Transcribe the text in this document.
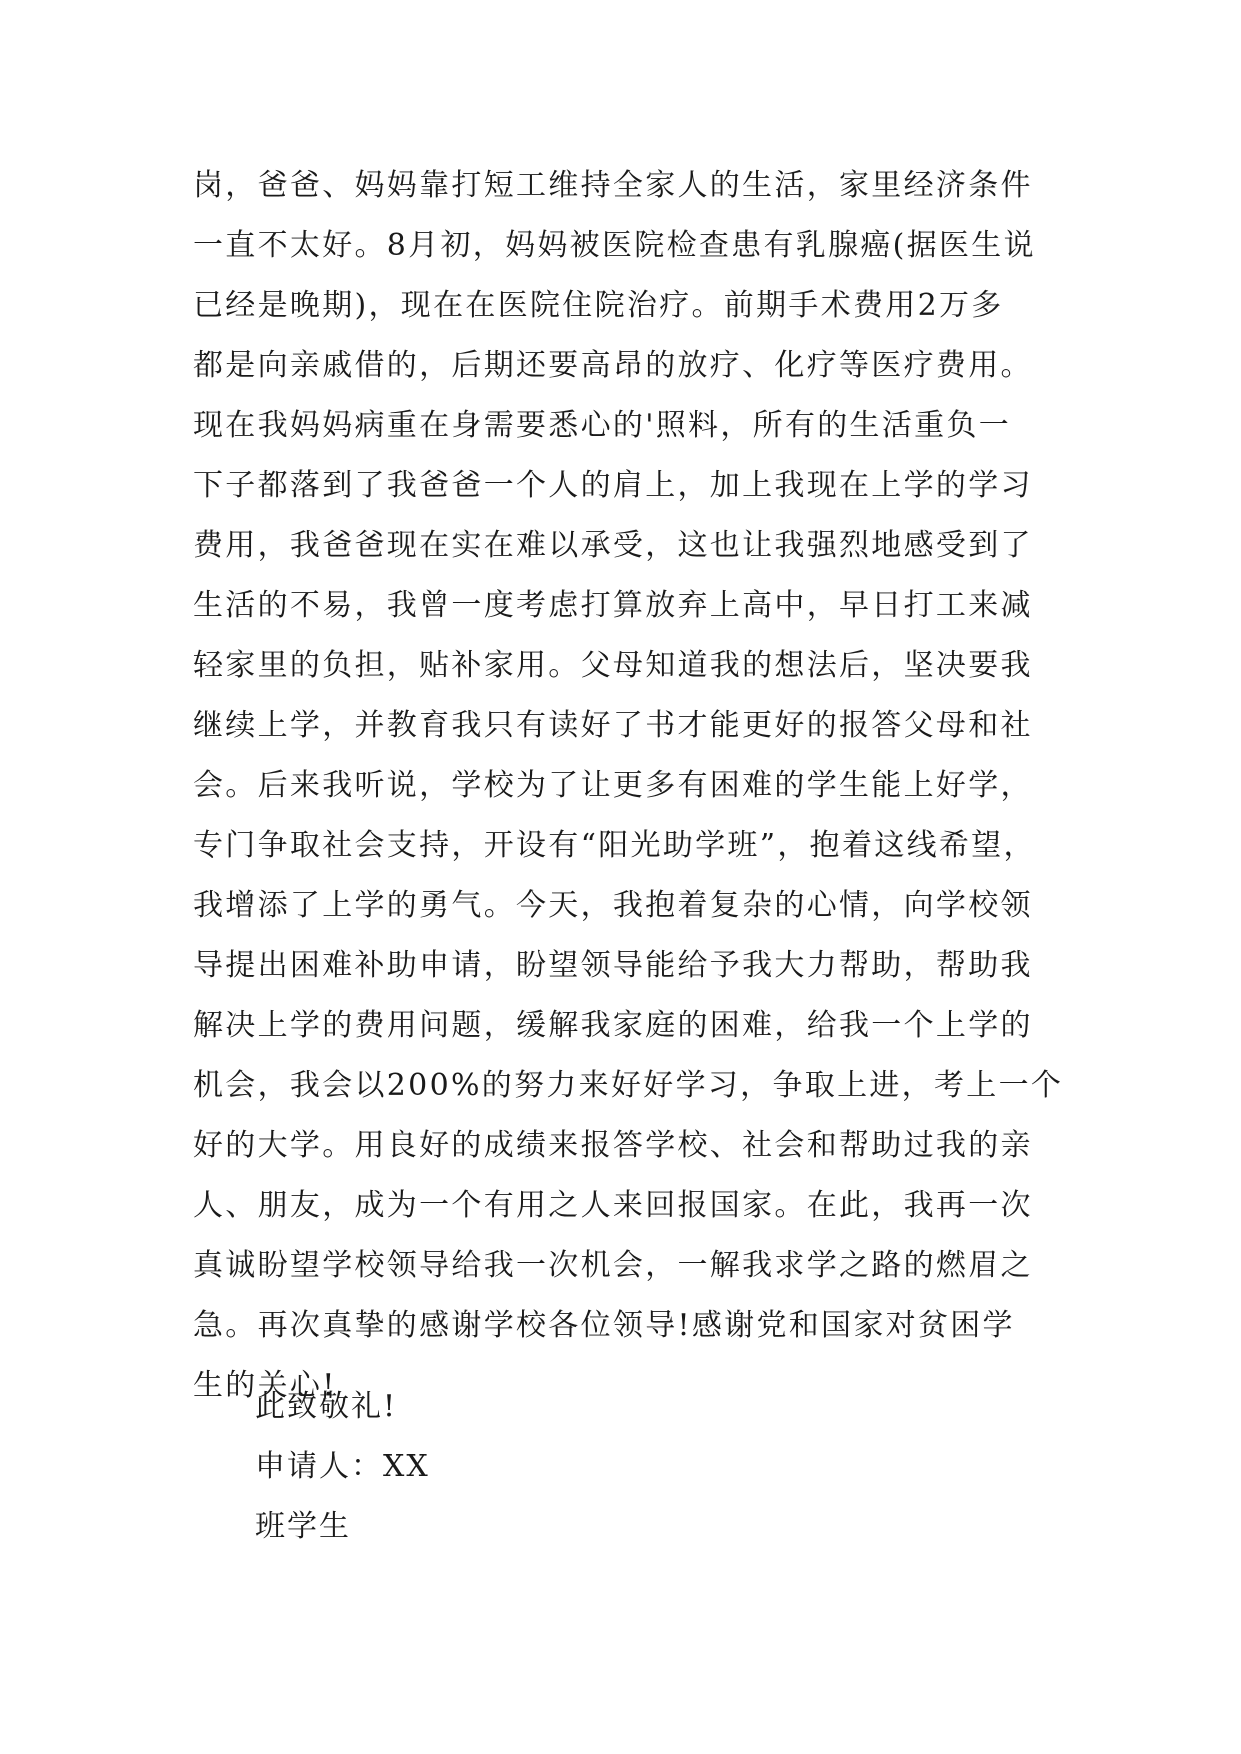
岗，爸爸、妈妈靠打短工维持全家人的生活，家里经济条件
一直不太好。8月初，妈妈被医院检查患有乳腺癌(据医生说
已经是晚期)，现在在医院住院治疗。前期手术费用2万多
都是向亲戚借的，后期还要高昂的放疗、化疗等医疗费用。
现在我妈妈病重在身需要悉心的'照料，所有的生活重负一
下子都落到了我爸爸一个人的肩上，加上我现在上学的学习
费用，我爸爸现在实在难以承受，这也让我强烈地感受到了
生活的不易，我曾一度考虑打算放弃上高中，早日打工来减
轻家里的负担，贴补家用。父母知道我的想法后，坚决要我
继续上学，并教育我只有读好了书才能更好的报答父母和社
会。后来我听说，学校为了让更多有困难的学生能上好学，
专门争取社会支持，开设有“阳光助学班”，抱着这线希望，
我增添了上学的勇气。今天，我抱着复杂的心情，向学校领
导提出困难补助申请，盼望领导能给予我大力帮助，帮助我
解决上学的费用问题，缓解我家庭的困难，给我一个上学的
机会，我会以200%的努力来好好学习，争取上进，考上一个
好的大学。用良好的成绩来报答学校、社会和帮助过我的亲
人、朋友，成为一个有用之人来回报国家。在此，我再一次
真诚盼望学校领导给我一次机会，一解我求学之路的燃眉之
急。再次真挚的感谢学校各位领导!感谢党和国家对贫困学
生的关心!
此致敬礼!
申请人：XX
班学生
